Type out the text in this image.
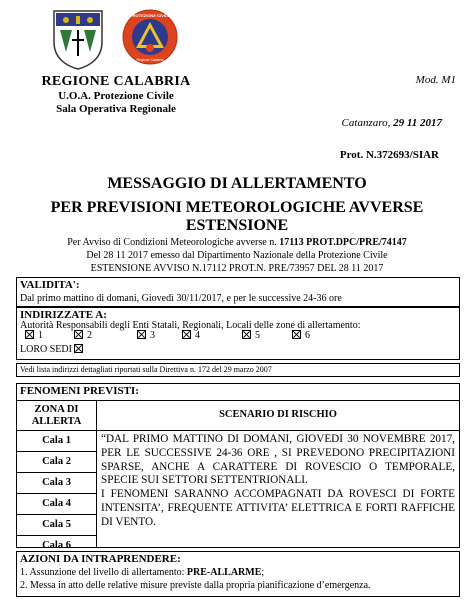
PROTEZIONE CIVILE
Regione Calabria
REGIONE CALABRIA
U.O.A. Protezione Civile
Sala Operativa Regionale
Mod. M1
Catanzaro, 29 11 2017
Prot. N.372693/SIAR
MESSAGGIO DI ALLERTAMENTO
PER PREVISIONI METEOROLOGICHE AVVERSE
ESTENSIONE
Per Avviso di Condizioni Meteorologiche avverse n. 17113 PROT.DPC/PRE/74147
Del 28 11 2017 emesso dal Dipartimento Nazionale della Protezione Civile
ESTENSIONE AVVISO N.17112 PROT.N. PRE/73957 DEL 28 11 2017
VALIDITA':
Dal primo mattino di domani, Giovedì 30/11/2017, e per le successive 24-36 ore
INDIRIZZATE A:
Autorità Responsabili degli Enti Statali, Regionali, Locali delle zone di allertamento:
1	2	3	4	5	6
LORO SEDI
Vedi lista indirizzi dettagliati riportati sulla Direttiva n. 172 del 29 marzo 2007
FENOMENI PREVISTI:
ZONA DI ALLERTA
SCENARIO DI RISCHIO
Cala 1
Cala 2
Cala 3
Cala 4
Cala 5
Cala 6

“DAL PRIMO MATTINO DI DOMANI, GIOVEDI 30 NOVEMBRE 2017, PER LE SUCCESSIVE 24-36 ORE , SI PREVEDONO PRECIPITAZIONI SPARSE, ANCHE A CARATTERE DI ROVESCIO O TEMPORALE, SPECIE SUI SETTORI SETTENTRIONALI.

I FENOMENI SARANNO ACCOMPAGNATI DA ROVESCI DI FORTE INTENSITA’, FREQUENTE ATTIVITA’ ELETTRICA E FORTI RAFFICHE DI VENTO.

AZIONI DA INTRAPRENDERE:
1. Assunzione del livello di allertamento: PRE-ALLARME;
2. Messa in atto delle relative misure previste dalla propria pianificazione d’emergenza.
